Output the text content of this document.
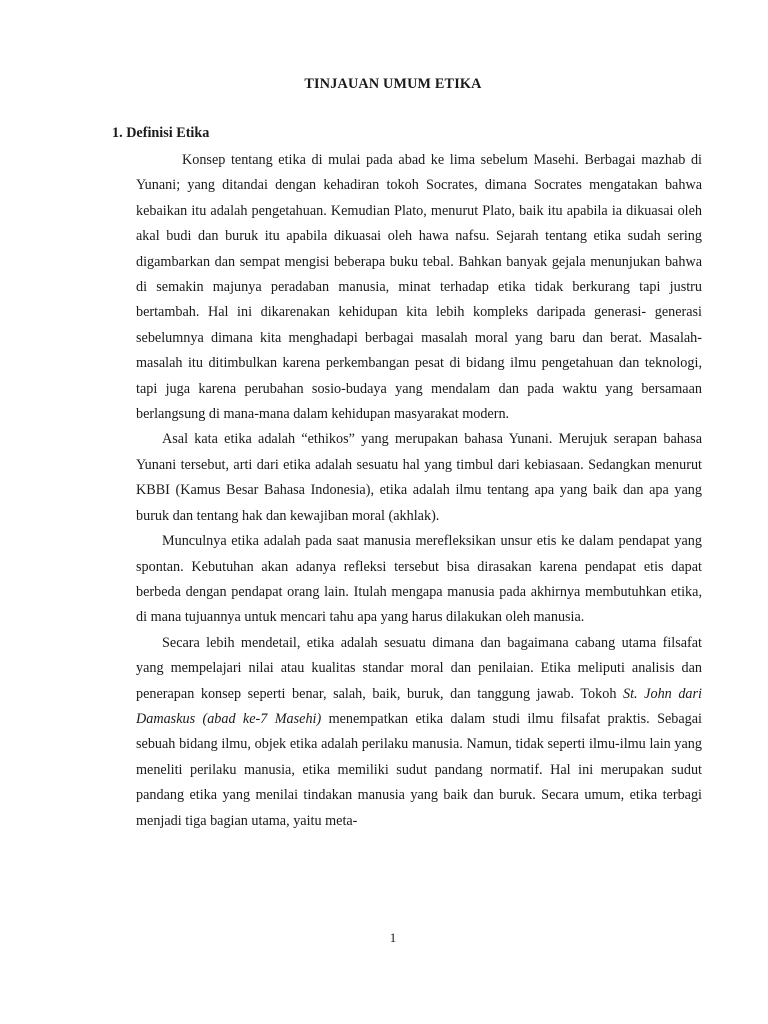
TINJAUAN UMUM ETIKA
1. Definisi Etika

Konsep tentang etika di mulai pada abad ke lima sebelum Masehi. Berbagai mazhab di Yunani; yang ditandai dengan kehadiran tokoh Socrates, dimana Socrates mengatakan bahwa kebaikan itu adalah pengetahuan. Kemudian Plato, menurut Plato, baik itu apabila ia dikuasai oleh akal budi dan buruk itu apabila dikuasai oleh hawa nafsu. Sejarah tentang etika sudah sering digambarkan dan sempat mengisi beberapa buku tebal. Bahkan banyak gejala menunjukan bahwa di semakin majunya peradaban manusia, minat terhadap etika tidak berkurang tapi justru bertambah. Hal ini dikarenakan kehidupan kita lebih kompleks daripada generasi- generasi sebelumnya dimana kita menghadapi berbagai masalah moral yang baru dan berat. Masalah-masalah itu ditimbulkan karena perkembangan pesat di bidang ilmu pengetahuan dan teknologi, tapi juga karena perubahan sosio-budaya yang mendalam dan pada waktu yang bersamaan berlangsung di mana-mana dalam kehidupan masyarakat modern.

Asal kata etika adalah “ethikos” yang merupakan bahasa Yunani. Merujuk serapan bahasa Yunani tersebut, arti dari etika adalah sesuatu hal yang timbul dari kebiasaan. Sedangkan menurut KBBI (Kamus Besar Bahasa Indonesia), etika adalah ilmu tentang apa yang baik dan apa yang buruk dan tentang hak dan kewajiban moral (akhlak).

Munculnya etika adalah pada saat manusia merefleksikan unsur etis ke dalam pendapat yang spontan. Kebutuhan akan adanya refleksi tersebut bisa dirasakan karena pendapat etis dapat berbeda dengan pendapat orang lain. Itulah mengapa manusia pada akhirnya membutuhkan etika, di mana tujuannya untuk mencari tahu apa yang harus dilakukan oleh manusia.

Secara lebih mendetail, etika adalah sesuatu dimana dan bagaimana cabang utama filsafat yang mempelajari nilai atau kualitas standar moral dan penilaian. Etika meliputi analisis dan penerapan konsep seperti benar, salah, baik, buruk, dan tanggung jawab. Tokoh St. John dari Damaskus (abad ke-7 Masehi) menempatkan etika dalam studi ilmu filsafat praktis. Sebagai sebuah bidang ilmu, objek etika adalah perilaku manusia. Namun, tidak seperti ilmu-ilmu lain yang meneliti perilaku manusia, etika memiliki sudut pandang normatif. Hal ini merupakan sudut pandang etika yang menilai tindakan manusia yang baik dan buruk. Secara umum, etika terbagi menjadi tiga bagian utama, yaitu meta-

1
